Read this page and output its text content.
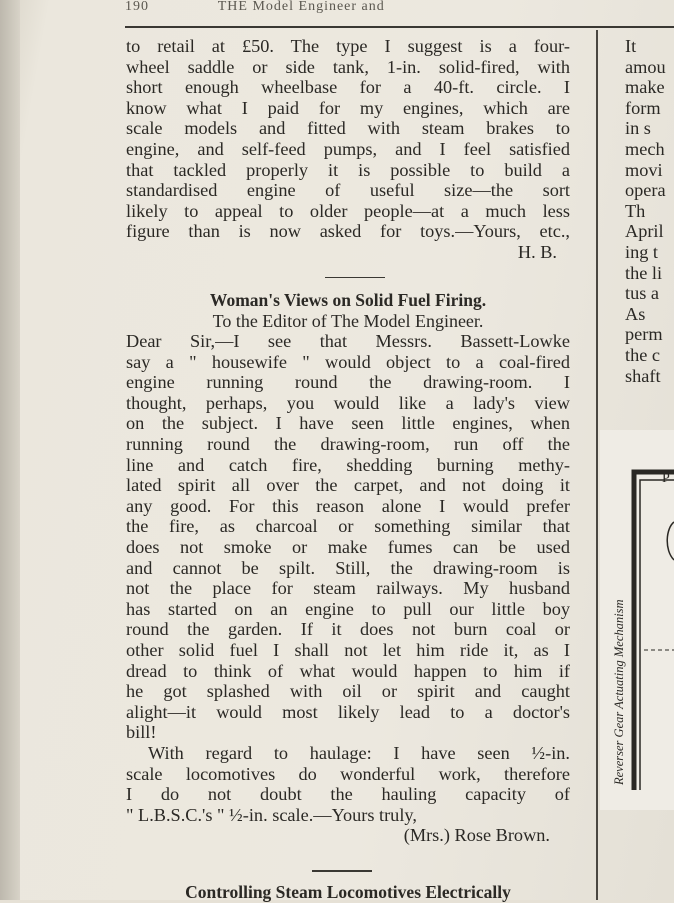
190	THE Model Engineer and
to retail at £50. The type I suggest is a four-
wheel saddle or side tank, 1-in. solid-fired, with
short enough wheelbase for a 40-ft. circle. I
know what I paid for my engines, which are
scale models and fitted with steam brakes to
engine, and self-feed pumps, and I feel satisfied
that tackled properly it is possible to build a
standardised engine of useful size—the sort
likely to appeal to older people—at a much less
figure than is now asked for toys.—Yours, etc.,
H. B.
Woman's Views on Solid Fuel Firing.
To the Editor of The Model Engineer.
Dear Sir,—I see that Messrs. Bassett-Lowke
say a " housewife " would object to a coal-fired
engine running round the drawing-room. I
thought, perhaps, you would like a lady's view
on the subject. I have seen little engines, when
running round the drawing-room, run off the
line and catch fire, shedding burning methy-
lated spirit all over the carpet, and not doing it
any good. For this reason alone I would prefer
the fire, as charcoal or something similar that
does not smoke or make fumes can be used
and cannot be spilt. Still, the drawing-room is
not the place for steam railways. My husband
has started on an engine to pull our little boy
round the garden. If it does not burn coal or
other solid fuel I shall not let him ride it, as I
dread to think of what would happen to him if
he got splashed with oil or spirit and caught
alight—it would most likely lead to a doctor's
bill!
With regard to haulage: I have seen ½-in.
scale locomotives do wonderful work, therefore
I do not doubt the hauling capacity of
" L.B.S.C.'s " ½-in. scale.—Yours truly,
(Mrs.) Rose Brown.
Controlling Steam Locomotives Electrically
It
amou
make
form
in s
mech
movi
opera
Th
April
ing t
the li
tus a
As
perm
the c
shaft
P
Reverser Gear Actuating Mechanism
